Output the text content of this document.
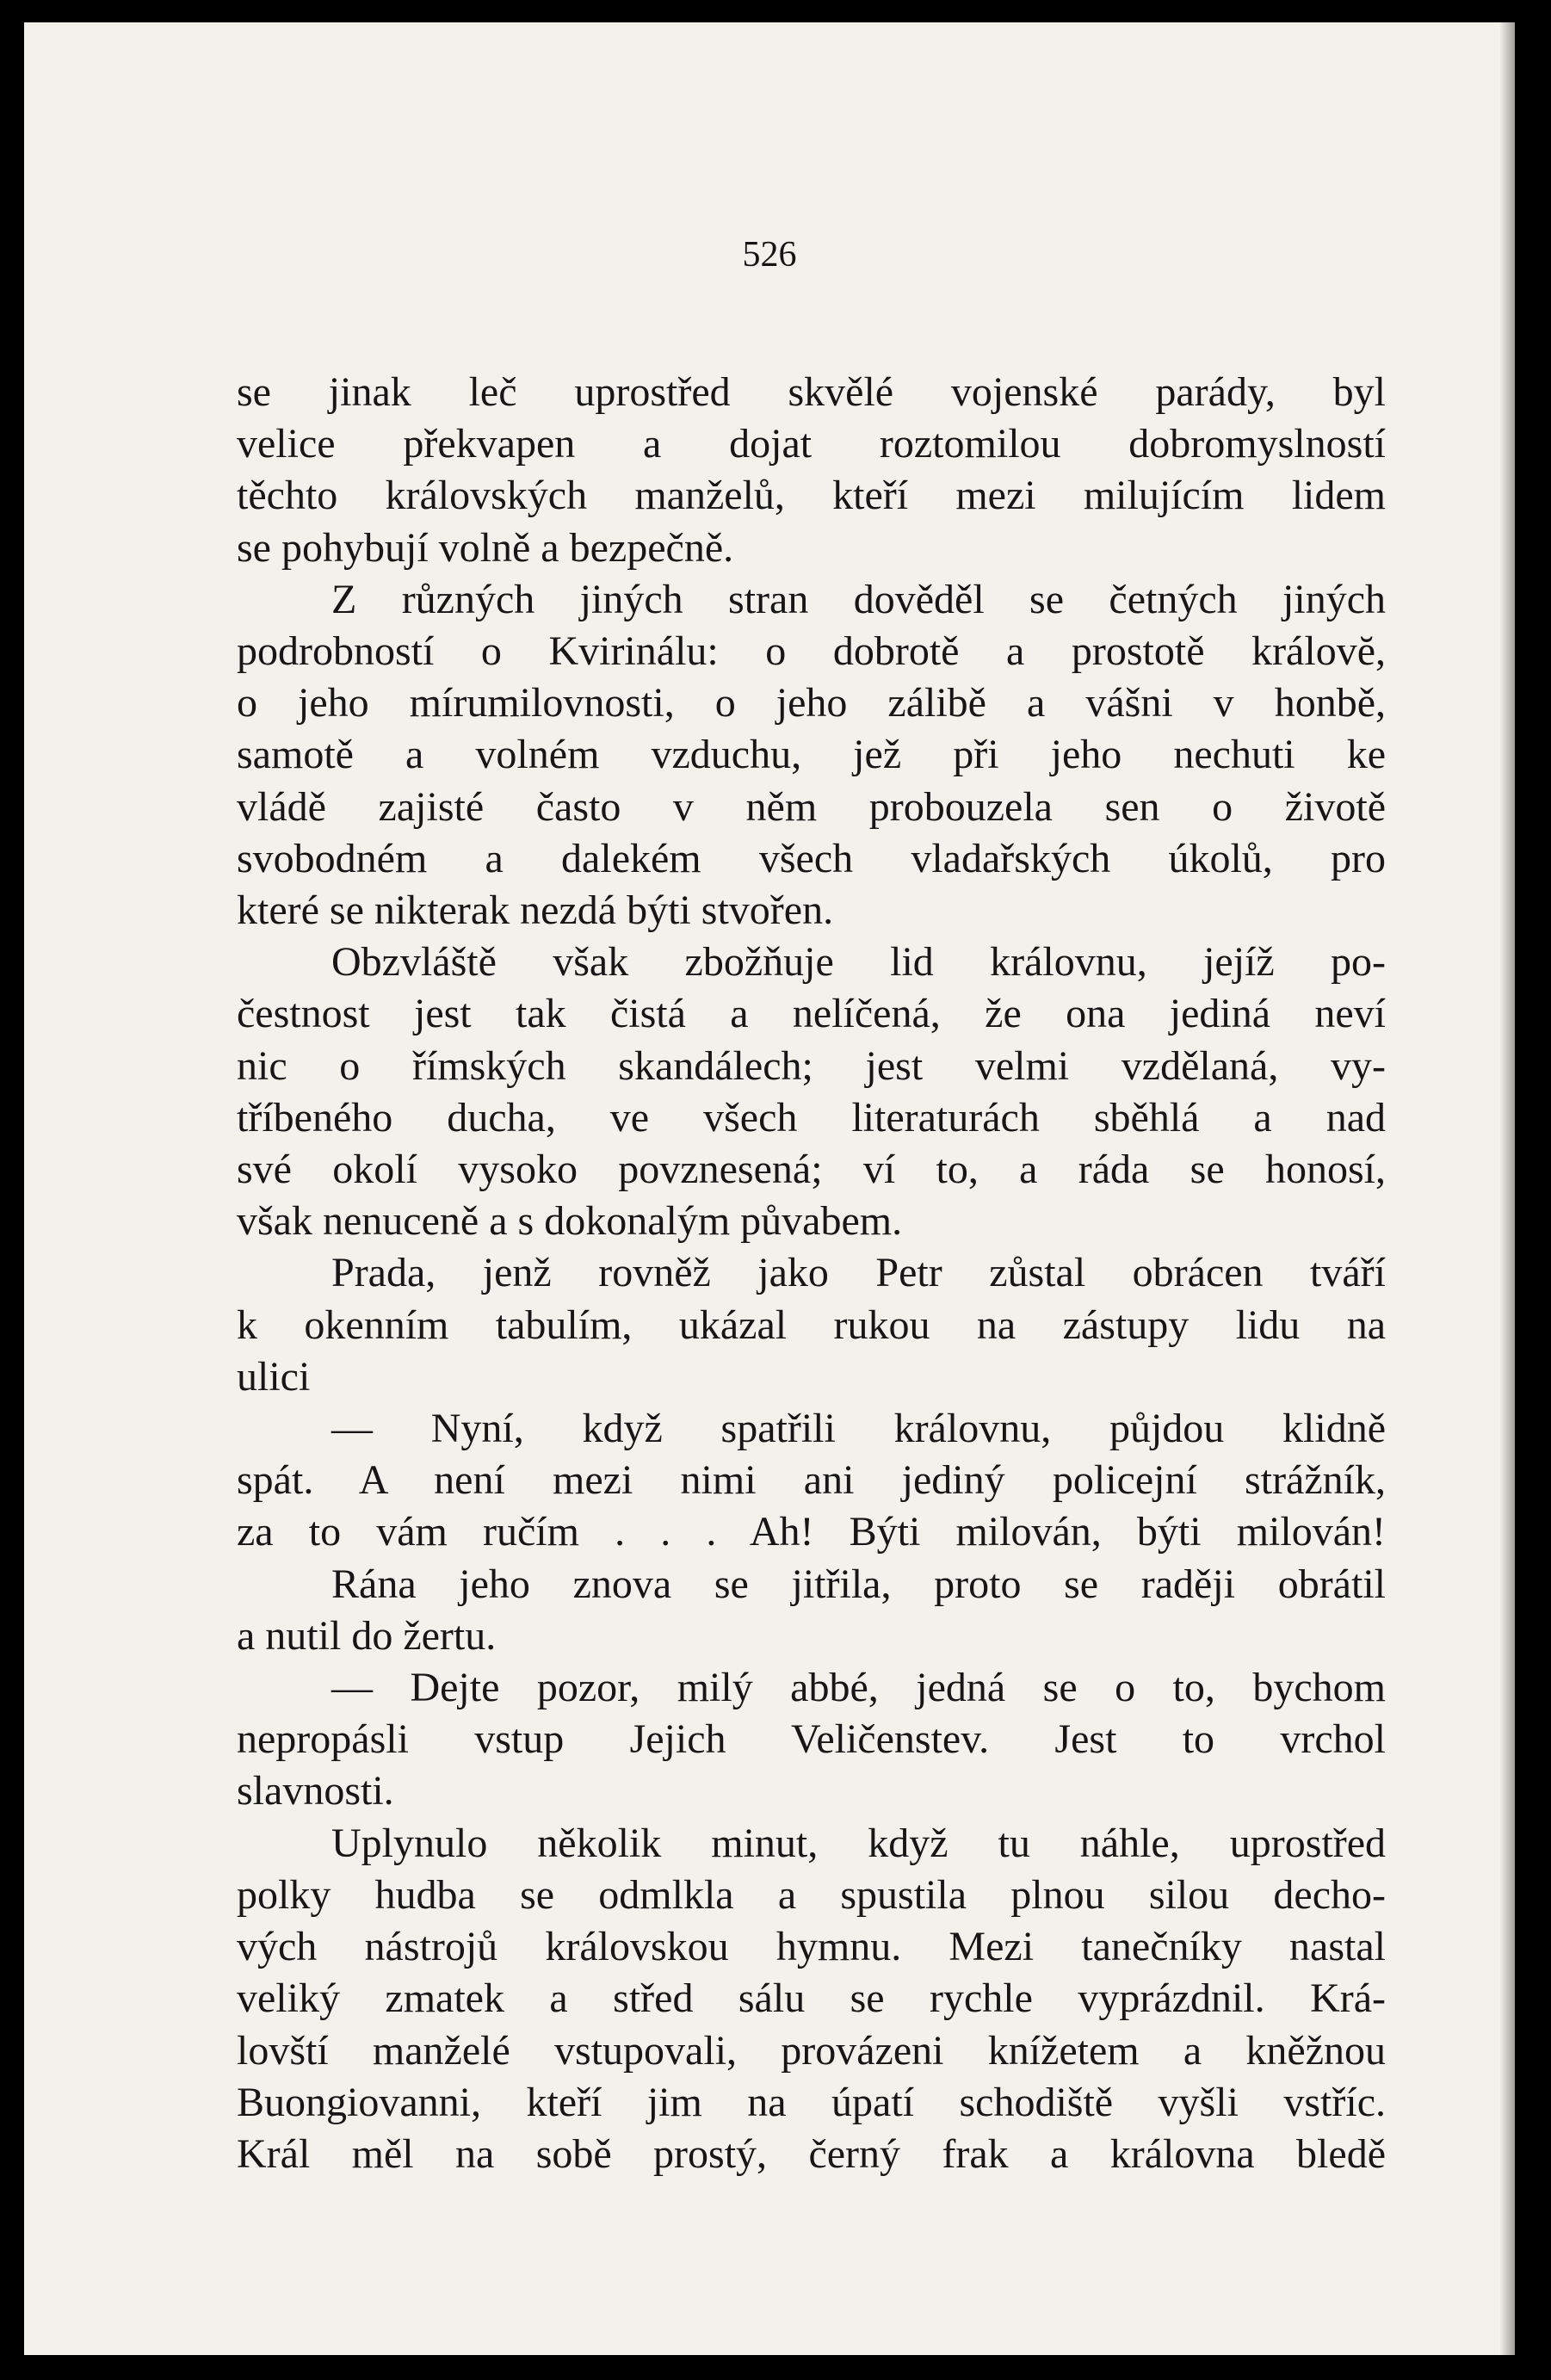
526
se jinak leč uprostřed skvělé vojenské parády, byl
velice překvapen a dojat roztomilou dobromyslností
těchto královských manželů, kteří mezi milujícím lidem
se pohybují volně a bezpečně.
Z různých jiných stran dověděl se četných jiných
podrobností o Kvirinálu: o dobrotě a prostotě královĕ,
o jeho mírumilovnosti, o jeho zálibě a vášni v honbě,
samotě a volném vzduchu, jež při jeho nechuti ke
vládě zajisté často v něm probouzela sen o životě
svobodném a dalekém všech vladařských úkolů, pro
které se nikterak nezdá býti stvořen.
Obzvláště však zbožňuje lid královnu, jejíž po-
čestnost jest tak čistá a nelíčená, že ona jediná neví
nic o římských skandálech; jest velmi vzdělaná, vy-
tříbeného ducha, ve všech literaturách sběhlá a nad
své okolí vysoko povznesená; ví to, a ráda se honosí,
však nenuceně a s dokonalým půvabem.
Prada, jenž rovněž jako Petr zůstal obrácen tváří
k okenním tabulím, ukázal rukou na zástupy lidu na
ulici
— Nyní, když spatřili královnu, půjdou klidně
spát. A není mezi nimi ani jediný policejní strážník,
za to vám ručím . . . Ah! Býti milován, býti milován!
Rána jeho znova se jitřila, proto se raději obrátil
a nutil do žertu.
— Dejte pozor, milý abbé, jedná se o to, bychom
nepropásli vstup Jejich Veličenstev. Jest to vrchol
slavnosti.
Uplynulo několik minut, když tu náhle, uprostřed
polky hudba se odmlkla a spustila plnou silou decho-
vých nástrojů královskou hymnu. Mezi tanečníky nastal
veliký zmatek a střed sálu se rychle vyprázdnil. Krá-
lovští manželé vstupovali, provázeni knížetem a kněžnou
Buongiovanni, kteří jim na úpatí schodiště vyšli vstříc.
Král měl na sobě prostý, černý frak a královna bledě
